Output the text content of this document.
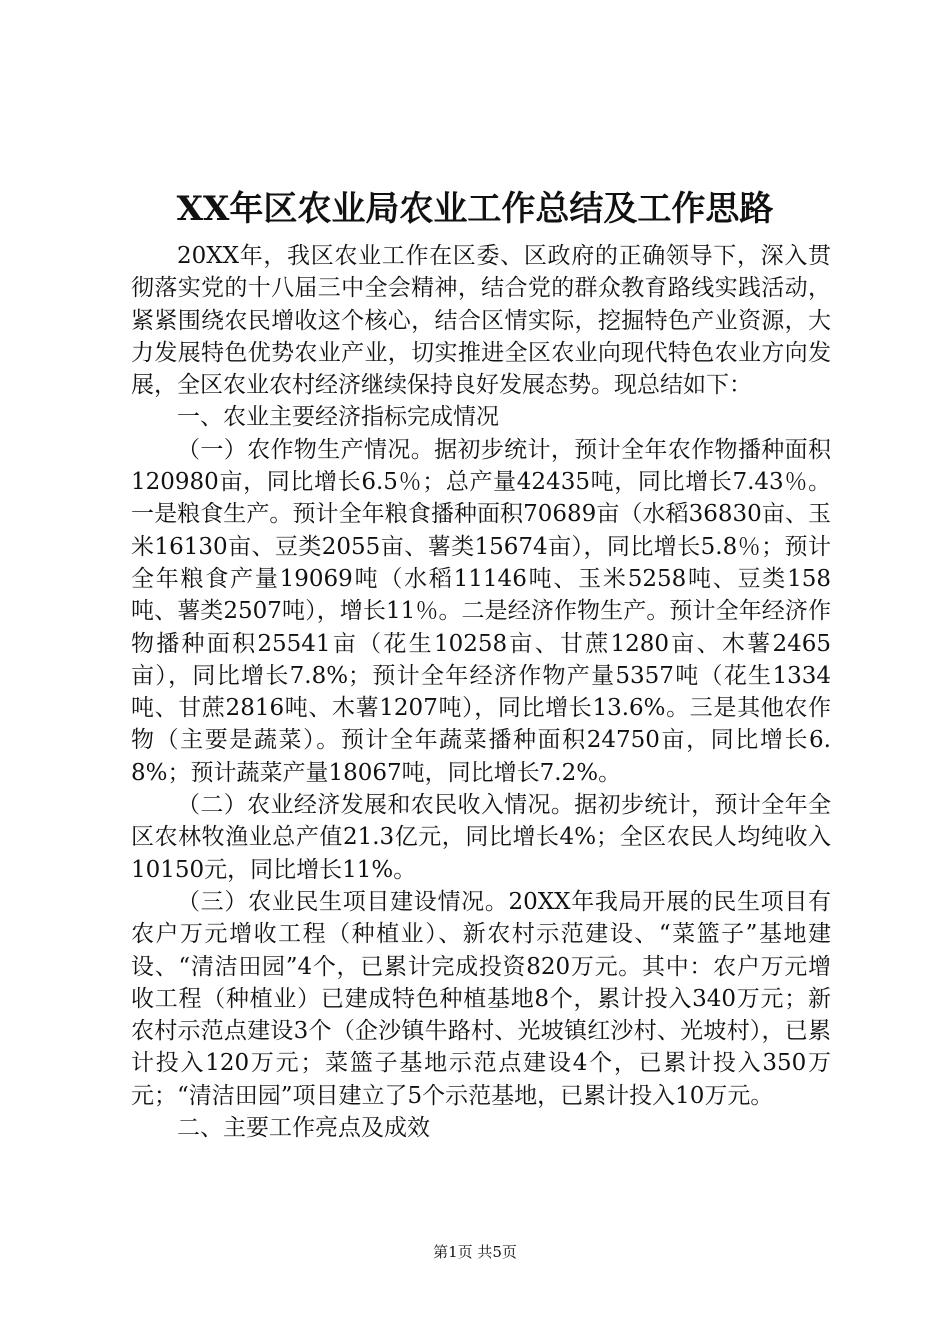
XX年区农业局农业工作总结及工作思路

20XX年，我区农业工作在区委、区政府的正确领导下，深入贯彻落实党的十八届三中全会精神，结合党的群众教育路线实践活动，紧紧围绕农民增收这个核心，结合区情实际，挖掘特色产业资源，大力发展特色优势农业产业，切实推进全区农业向现代特色农业方向发展，全区农业农村经济继续保持良好发展态势。现总结如下：

一、农业主要经济指标完成情况

（一）农作物生产情况。据初步统计，预计全年农作物播种面积120980亩，同比增长6.5％；总产量42435吨，同比增长7.43％。一是粮食生产。预计全年粮食播种面积70689亩（水稻36830亩、玉米16130亩、豆类2055亩、薯类15674亩），同比增长5.8％；预计全年粮食产量19069吨（水稻11146吨、玉米5258吨、豆类158吨、薯类2507吨），增长11％。二是经济作物生产。预计全年经济作物播种面积25541亩（花生10258亩、甘蔗1280亩、木薯2465亩），同比增长7.8%；预计全年经济作物产量5357吨（花生1334吨、甘蔗2816吨、木薯1207吨），同比增长13.6%。三是其他农作物（主要是蔬菜）。预计全年蔬菜播种面积24750亩，同比增长6.8%；预计蔬菜产量18067吨，同比增长7.2%。

（二）农业经济发展和农民收入情况。据初步统计，预计全年全区农林牧渔业总产值21.3亿元，同比增长4%；全区农民人均纯收入10150元，同比增长11%。

（三）农业民生项目建设情况。20XX年我局开展的民生项目有农户万元增收工程（种植业）、新农村示范建设、“菜篮子”基地建设、“清洁田园”4个，已累计完成投资820万元。其中：农户万元增收工程（种植业）已建成特色种植基地8个，累计投入340万元；新农村示范点建设3个（企沙镇牛路村、光坡镇红沙村、光坡村），已累计投入120万元；菜篮子基地示范点建设4个，已累计投入350万元；“清洁田园”项目建立了5个示范基地，已累计投入10万元。

二、主要工作亮点及成效

第1页 共5页
